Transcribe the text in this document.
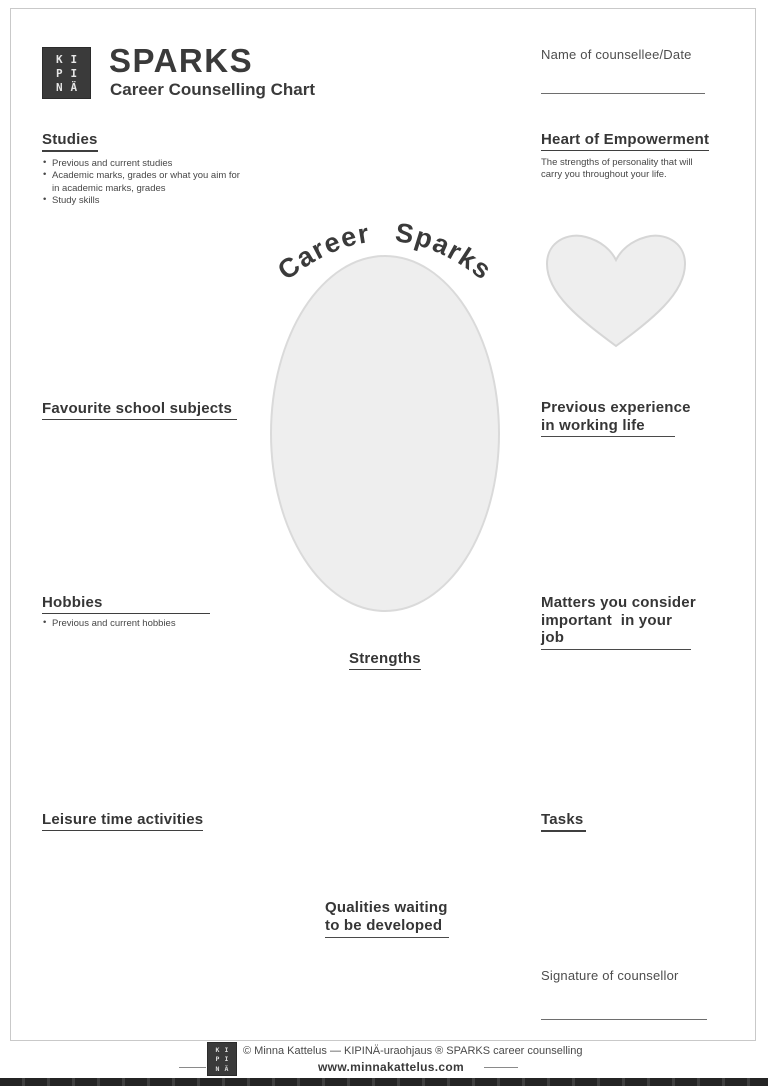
K I
P I
N Ä
SPARKS
Career Counselling Chart
Name of counsellee/Date
Studies
• Previous and current studies
• Academic marks, grades or what you aim for in academic marks, grades
• Study skills
Heart of Empowerment

The strengths of personality that will carry you throughout your life.

Career Sparks
Favourite school subjects	Previous experience
in working life
Hobbies
• Previous and current hobbies
Matters you consider
important  in your job
Strengths
Leisure time activities	Tasks
Qualities waiting
to be developed
Signature of counsellor
K I
P I
N Ä
© Minna Kattelus — KIPINÄ-uraohjaus ® SPARKS career counselling
www.minnakattelus.com
